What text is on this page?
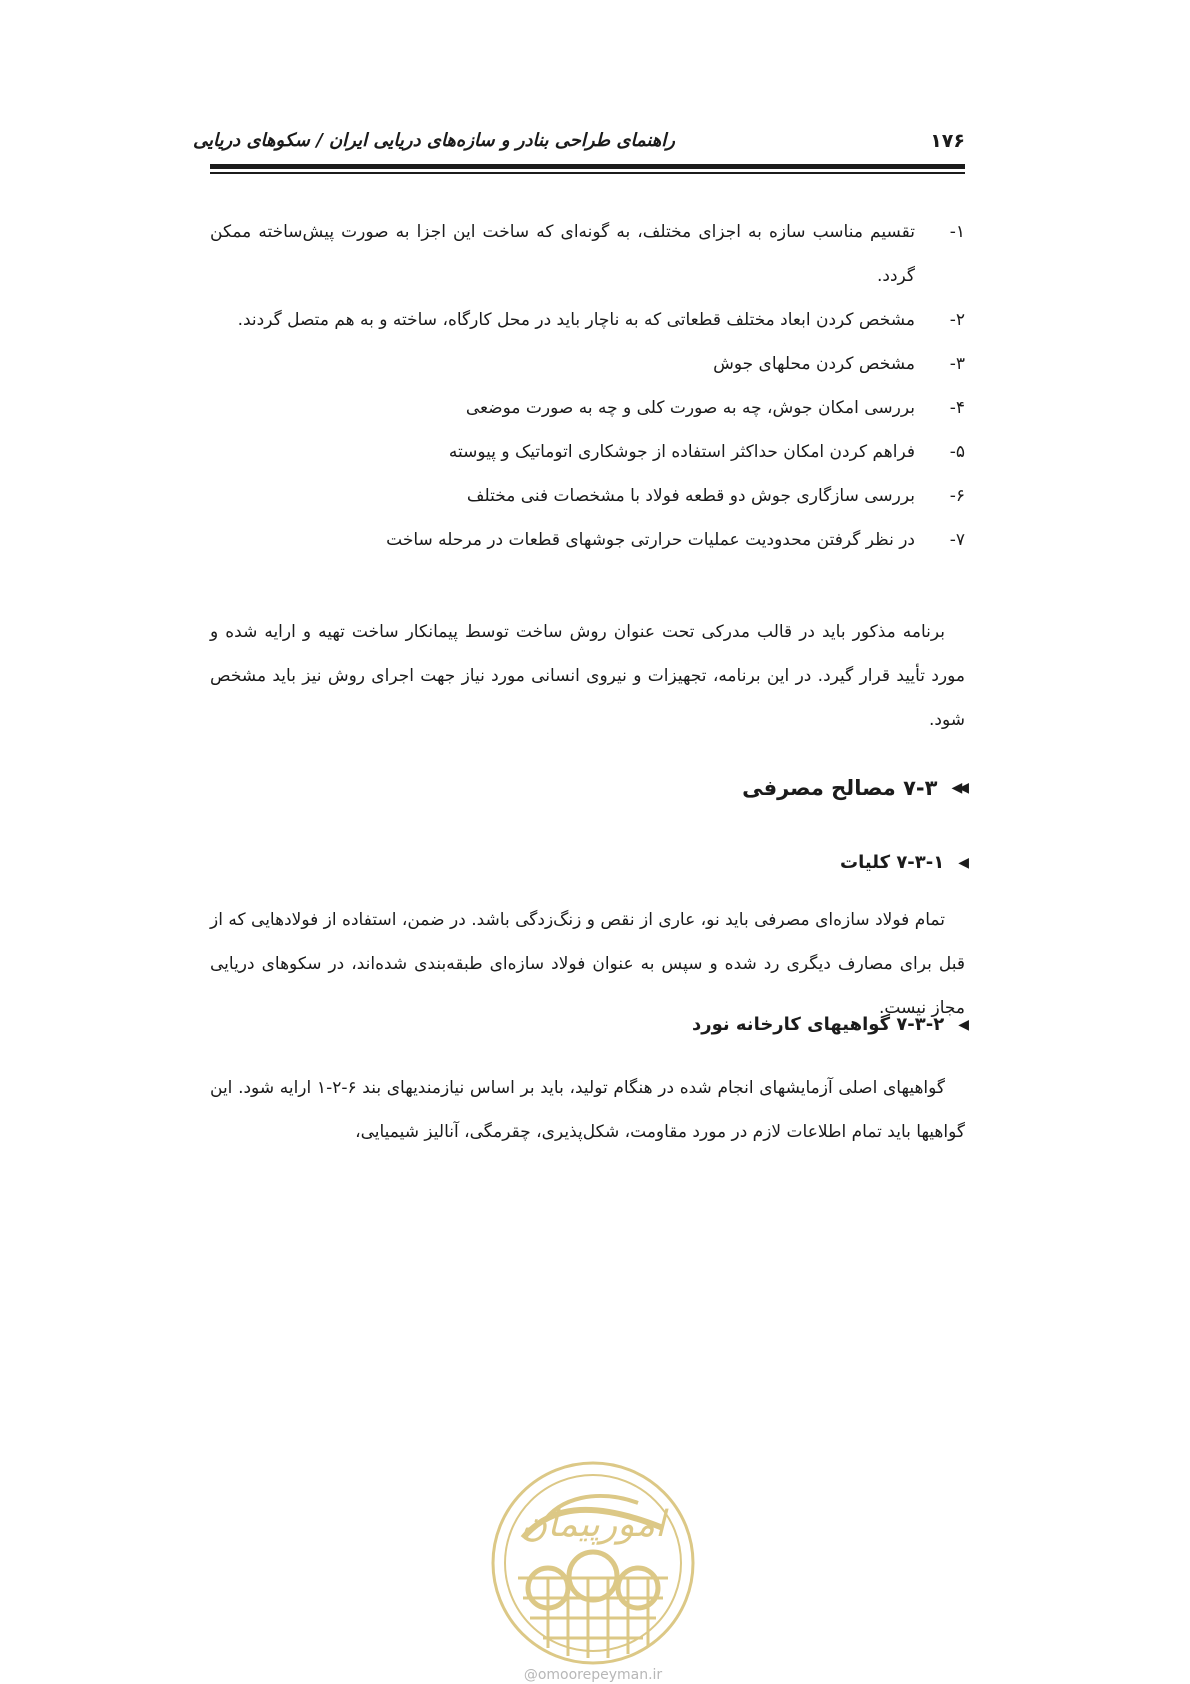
راهنمای طراحی بنادر و سازه‌های دریایی ایران / سکوهای دریایی	۱۷۶
۱-
تقسیم مناسب سازه به اجزای مختلف، به گونه‌ای که ساخت این اجزا به صورت پیش‌ساخته ممکن گردد.
۲-
مشخص کردن ابعاد مختلف قطعاتی که به ناچار باید در محل کارگاه، ساخته و به هم متصل گردند.
۳-
مشخص کردن محلهای جوش
۴-
بررسی امکان جوش، چه به صورت کلی و چه به صورت موضعی
۵-
فراهم کردن امکان حداکثر استفاده از جوشکاری اتوماتیک و پیوسته
۶-
بررسی سازگاری جوش دو قطعه فولاد با مشخصات فنی مختلف
۷-
در نظر گرفتن محدودیت عملیات حرارتی جوشهای قطعات در مرحله ساخت

برنامه مذکور باید در قالب مدرکی تحت عنوان روش ساخت توسط پیمانکار ساخت تهیه و ارایه شده و مورد تأیید قرار گیرد. در این برنامه، تجهیزات و نیروی انسانی مورد نیاز جهت اجرای روش نیز باید مشخص شود.

◀◀
۷-۳ مصالح مصرفی
◀
۷-۳-۱ کلیات

تمام فولاد سازه‌ای مصرفی باید نو، عاری از نقص و زنگ‌زدگی باشد. در ضمن، استفاده از فولادهایی که از قبل برای مصارف دیگری رد شده و سپس به عنوان فولاد سازه‌ای طبقه‌بندی شده‌اند، در سکوهای دریایی مجاز نیست.

◀
۷-۳-۲ گواهیهای کارخانه نورد

گواهیهای اصلی آزمایشهای انجام شده در هنگام تولید، باید بر اساس نیازمندیهای بند ۶-۲-۱ ارایه شود. این گواهیها باید تمام اطلاعات لازم در مورد مقاومت، شکل‌پذیری، چقرمگی، آنالیز شیمیایی،

امورپیمان
@omoorepeyman.ir
